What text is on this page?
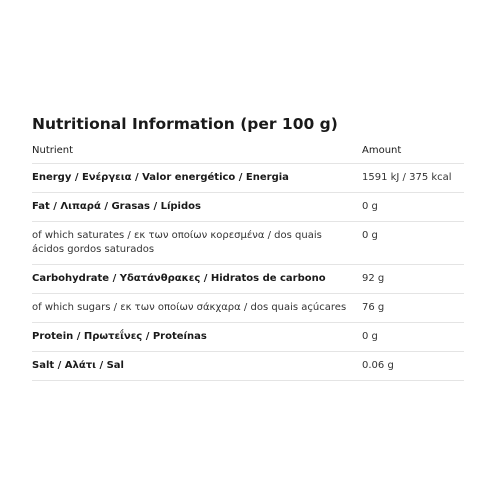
Nutritional Information (per 100 g)
Nutrient	Amount
Energy / Ενέργεια / Valor energético / Energia	1591 kJ / 375 kcal
Fat / Λιπαρά / Grasas / Lípidos	0 g
of which saturates / εκ των οποίων κορεσμένα / dos quais ácidos gordos saturados	0 g
Carbohydrate / Υδατάνθρακες / Hidratos de carbono	92 g
of which sugars / εκ των οποίων σάκχαρα / dos quais açúcares	76 g
Protein / Πρωτεΐνες / Proteínas	0 g
Salt / Αλάτι / Sal	0.06 g
